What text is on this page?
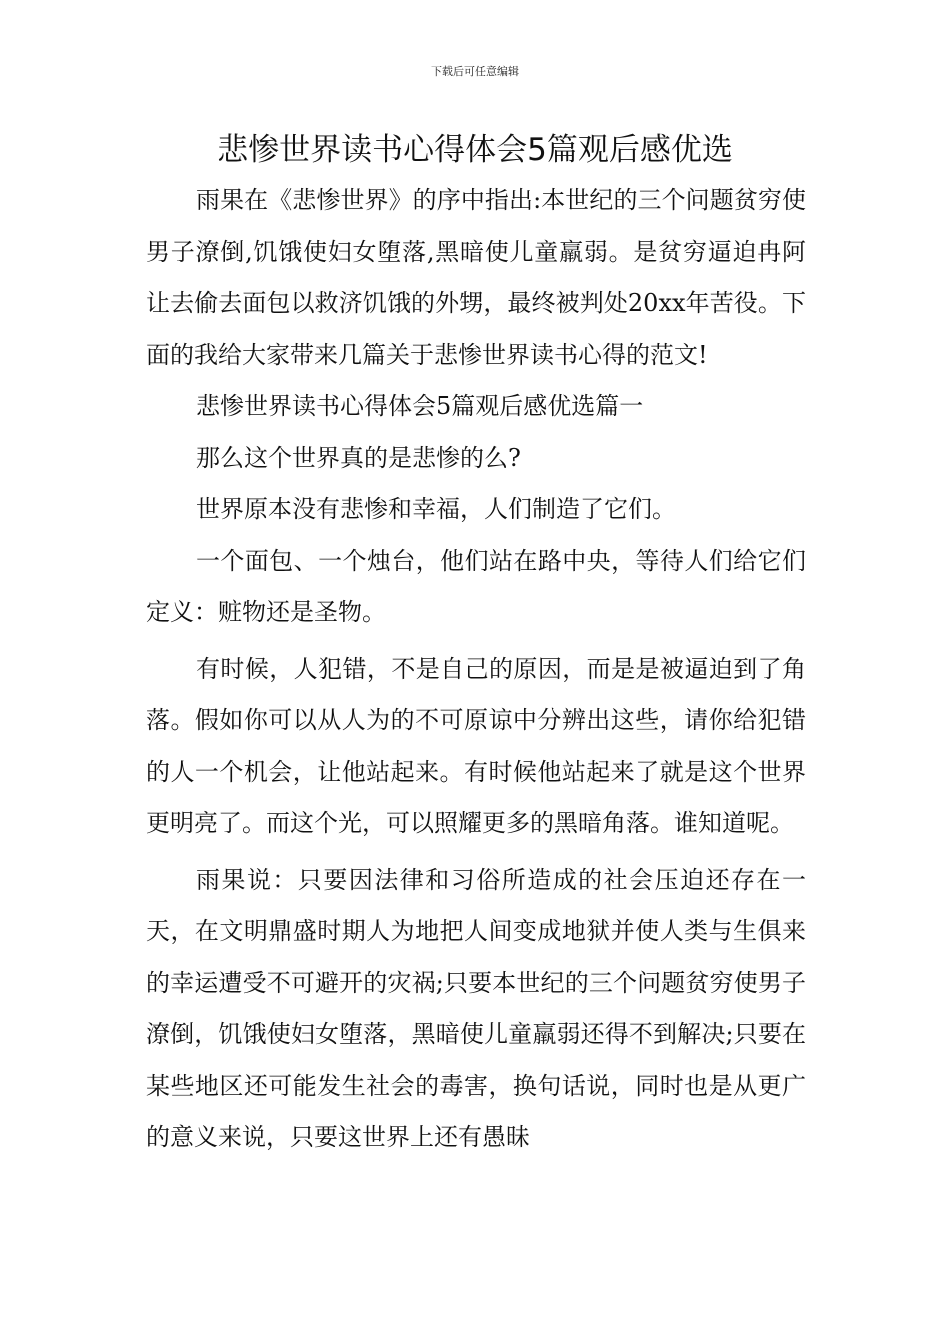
下载后可任意编辑
悲惨世界读书心得体会5篇观后感优选

雨果在《悲惨世界》的序中指出:本世纪的三个问题贫穷使男子潦倒,饥饿使妇女堕落,黑暗使儿童羸弱。是贫穷逼迫冉阿让去偷去面包以救济饥饿的外甥，最终被判处20xx年苦役。下面的我给大家带来几篇关于悲惨世界读书心得的范文!

悲惨世界读书心得体会5篇观后感优选篇一

那么这个世界真的是悲惨的么?

世界原本没有悲惨和幸福，人们制造了它们。

一个面包、一个烛台，他们站在路中央，等待人们给它们定义：赃物还是圣物。

有时候，人犯错，不是自己的原因，而是是被逼迫到了角落。假如你可以从人为的不可原谅中分辨出这些，请你给犯错的人一个机会，让他站起来。有时候他站起来了就是这个世界更明亮了。而这个光，可以照耀更多的黑暗角落。谁知道呢。

雨果说：只要因法律和习俗所造成的社会压迫还存在一天，在文明鼎盛时期人为地把人间变成地狱并使人类与生俱来的幸运遭受不可避开的灾祸;只要本世纪的三个问题贫穷使男子潦倒，饥饿使妇女堕落，黑暗使儿童羸弱还得不到解决;只要在某些地区还可能发生社会的毒害，换句话说，同时也是从更广的意义来说，只要这世界上还有愚昧
